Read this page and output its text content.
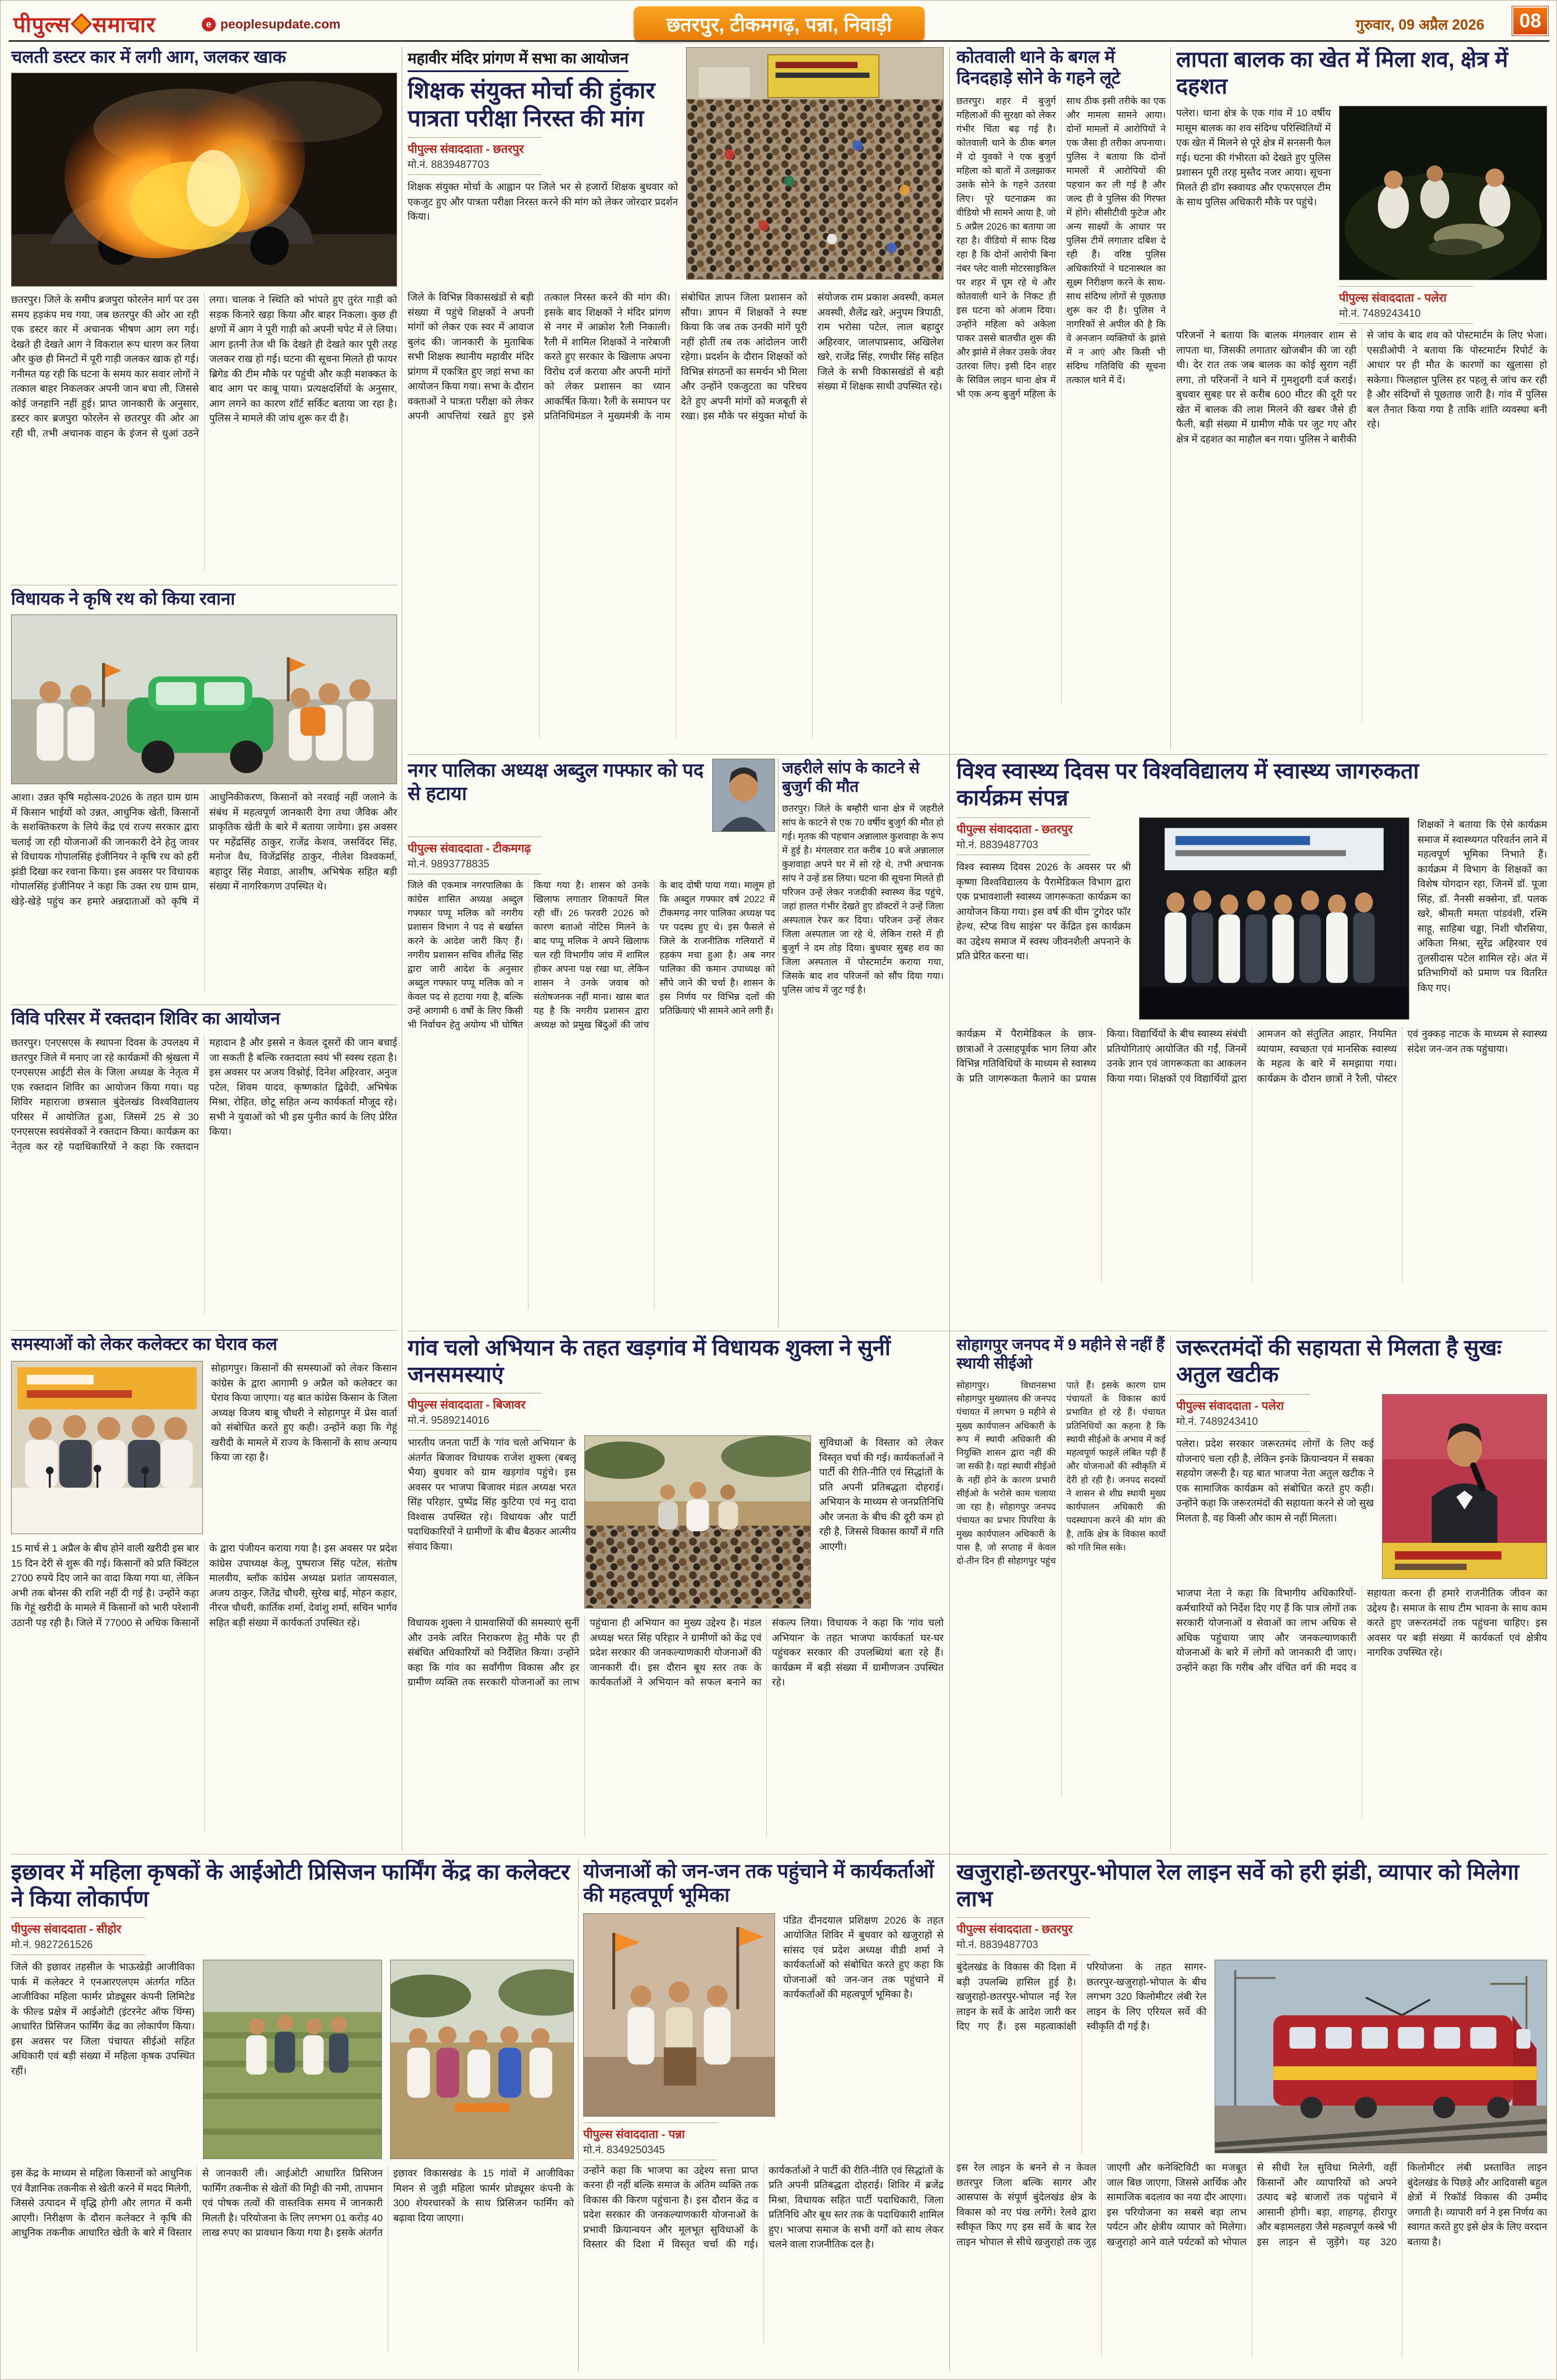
पीपुल्स समाचार	e peoplesupdate.com	छतरपुर, टीकमगढ़, पन्ना, निवाड़ी	गुरुवार, 09 अप्रैल 2026	08
चलती डस्टर कार में लगी आग, जलकर खाक
छतरपुर। जिले के समीप ब्रजपुरा फोरलेन मार्ग पर उस समय हड़कंप मच गया, जब छतरपुर की ओर आ रही एक डस्टर कार में अचानक भीषण आग लग गई। देखते ही देखते आग ने विकराल रूप धारण कर लिया और कुछ ही मिनटों में पूरी गाड़ी जलकर खाक हो गई। गनीमत यह रही कि घटना के समय कार सवार लोगों ने तत्काल बाहर निकलकर अपनी जान बचा ली, जिससे कोई जनहानि नहीं हुई। प्राप्त जानकारी के अनुसार, डस्टर कार ब्रजपुरा फोरलेन से छतरपुर की ओर आ रही थी, तभी अचानक वाहन के इंजन से धुआं उठने लगा। चालक ने स्थिति को भांपते हुए तुरंत गाड़ी को सड़क किनारे खड़ा किया और बाहर निकला। कुछ ही क्षणों में आग ने पूरी गाड़ी को अपनी चपेट में ले लिया। आग इतनी तेज थी कि देखते ही देखते कार पूरी तरह जलकर राख हो गई। घटना की सूचना मिलते ही फायर ब्रिगेड की टीम मौके पर पहुंची और कड़ी मशक्कत के बाद आग पर काबू पाया। प्रत्यक्षदर्शियों के अनुसार, आग लगने का कारण शॉर्ट सर्किट बताया जा रहा है। पुलिस ने मामले की जांच शुरू कर दी है।
विधायक ने कृषि रथ को किया रवाना
आशा। उन्नत कृषि महोत्सव-2026 के तहत ग्राम ग्राम में किसान भाईयों को उन्नत, आधुनिक खेती, किसानों के सशक्तिकरण के लिये केंद्र एवं राज्य सरकार द्वारा चलाई जा रही योजनाओं की जानकारी देने हेतु जावर से विधायक गोपालसिंह इंजीनियर ने कृषि रथ को हरी झंडी दिखा कर रवाना किया। इस अवसर पर विधायक गोपालसिंह इंजीनियर ने कहा कि उक्त रथ ग्राम ग्राम, खेड़े-खेड़े पहुंच कर हमारे अन्नदाताओं को कृषि में आधुनिकीकरण, किसानों को नरवाई नहीं जलाने के संबंध में महत्वपूर्ण जानकारी देगा तथा जैविक और प्राकृतिक खेती के बारे में बताया जायेगा। इस अवसर पर महेंद्रसिंह ठाकुर, राजेंद्र केशव, जसविंदर सिंह, मनोज वैध, विजेंद्रसिंह ठाकुर, नीलेश विश्वकर्मा, बहादुर सिंह मेवाडा, आशीष, अभिषेक सहित बड़ी संख्या में नागरिकगण उपस्थित थे।
विवि परिसर में रक्तदान शिविर का आयोजन
छतरपुर। एनएसएस के स्थापना दिवस के उपलक्ष्य में छतरपुर जिले में मनाए जा रहे कार्यक्रमों की श्रृंखला में एनएसएस आईटी सेल के जिला अध्यक्ष के नेतृत्व में एक रक्तदान शिविर का आयोजन किया गया। यह शिविर महाराजा छत्रसाल बुंदेलखंड विश्वविद्यालय परिसर में आयोजित हुआ, जिसमें 25 से 30 एनएसएस स्वयंसेवकों ने रक्तदान किया। कार्यक्रम का नेतृत्व कर रहे पदाधिकारियों ने कहा कि रक्तदान महादान है और इससे न केवल दूसरों की जान बचाई जा सकती है बल्कि रक्तदाता स्वयं भी स्वस्थ रहता है। इस अवसर पर अजय विश्नोई, दिनेश अहिरवार, अनुज पटेल, शिवम यादव, कृष्णकांत द्विवेदी, अभिषेक मिश्रा, रोहित, छोटू सहित अन्य कार्यकर्ता मौजूद रहे। सभी ने युवाओं को भी इस पुनीत कार्य के लिए प्रेरित किया।
समस्याओं को लेकर कलेक्टर का घेराव कल
सोहागपुर। किसानों की समस्याओं को लेकर किसान कांग्रेस के द्वारा आगामी 9 अप्रैल को कलेक्टर का घेराव किया जाएगा। यह बात कांग्रेस किसान के जिला अध्यक्ष विजय बाबू चौधरी ने सोहागपुर में प्रेस वार्ता को संबोधित करते हुए कही। उन्होंने कहा कि गेहूं खरीदी के मामले में राज्य के किसानों के साथ अन्याय किया जा रहा है।
15 मार्च से 1 अप्रैल के बीच होने वाली खरीदी इस बार 15 दिन देरी से शुरू की गई। किसानों को प्रति क्विंटल 2700 रुपये दिए जाने का वादा किया गया था, लेकिन अभी तक बोनस की राशि नहीं दी गई है। उन्होंने कहा कि गेहूं खरीदी के मामले में किसानों को भारी परेशानी उठानी पड़ रही है। जिले में 77000 से अधिक किसानों के द्वारा पंजीयन कराया गया है। इस अवसर पर प्रदेश कांग्रेस उपाध्यक्ष केलू, पुष्पराज सिंह पटेल, संतोष मालवीय, ब्लॉक कांग्रेस अध्यक्ष प्रशांत जायसवाल, अजय ठाकुर, जितेंद्र चौधरी, सुरेख बाई, मोहन कहार, नीरज चौधरी, कार्तिक शर्मा, देवांशु शर्मा, सचिन भार्गव सहित बड़ी संख्या में कार्यकर्ता उपस्थित रहे।
महावीर मंदिर प्रांगण में सभा का आयोजन
शिक्षक संयुक्त मोर्चा की हुंकार पात्रता परीक्षा निरस्त की मांग
पीपुल्स संवाददाता - छतरपुर
मो.नं. 8839487703
शिक्षक संयुक्त मोर्चा के आह्वान पर जिले भर से हजारों शिक्षक बुधवार को एकजुट हुए और पात्रता परीक्षा निरस्त करने की मांग को लेकर जोरदार प्रदर्शन किया।
जिले के विभिन्न विकासखंडों से बड़ी संख्या में पहुंचे शिक्षकों ने अपनी मांगों को लेकर एक स्वर में आवाज बुलंद की। जानकारी के मुताबिक सभी शिक्षक स्थानीय महावीर मंदिर प्रांगण में एकत्रित हुए जहां सभा का आयोजन किया गया। सभा के दौरान वक्ताओं ने पात्रता परीक्षा को लेकर अपनी आपत्तियां रखते हुए इसे तत्काल निरस्त करने की मांग की। इसके बाद शिक्षकों ने मंदिर प्रांगण से नगर में आक्रोश रैली निकाली। रैली में शामिल शिक्षकों ने नारेबाजी करते हुए सरकार के खिलाफ अपना विरोध दर्ज कराया और अपनी मांगों को लेकर प्रशासन का ध्यान आकर्षित किया। रैली के समापन पर प्रतिनिधिमंडल ने मुख्यमंत्री के नाम संबोधित ज्ञापन जिला प्रशासन को सौंपा। ज्ञापन में शिक्षकों ने स्पष्ट किया कि जब तक उनकी मांगें पूरी नहीं होतीं तब तक आंदोलन जारी रहेगा। प्रदर्शन के दौरान शिक्षकों को विभिन्न संगठनों का समर्थन भी मिला और उन्होंने एकजुटता का परिचय देते हुए अपनी मांगों को मजबूती से रखा। इस मौके पर संयुक्त मोर्चा के संयोजक राम प्रकाश अवस्थी, कमल अवस्थी, शैलेंद्र खरे, अनुपम त्रिपाठी, राम भरोसा पटेल, लाल बहादुर अहिरवार, जालपाप्रसाद, अखिलेश खरे, राजेंद्र सिंह, रणधीर सिंह सहित जिले के सभी विकासखंडों से बड़ी संख्या में शिक्षक साथी उपस्थित रहे।
कोतवाली थाने के बगल में दिनदहाड़े सोने के गहने लूटे
छतरपुर। शहर में बुजुर्ग महिलाओं की सुरक्षा को लेकर गंभीर चिंता बढ़ गई है। कोतवाली थाने के ठीक बगल में दो युवकों ने एक बुजुर्ग महिला को बातों में उलझाकर उसके सोने के गहने उतरवा लिए। पूरे घटनाक्रम का वीडियो भी सामने आया है, जो 5 अप्रैल 2026 का बताया जा रहा है। वीडियो में साफ दिख रहा है कि दोनों आरोपी बिना नंबर प्लेट वाली मोटरसाइकिल पर शहर में घूम रहे थे और कोतवाली थाने के निकट ही इस घटना को अंजाम दिया। उन्होंने महिला को अकेला पाकर उससे बातचीत शुरू की और झांसे में लेकर उसके जेवर उतरवा लिए। इसी दिन शहर के सिविल लाइन थाना क्षेत्र में भी एक अन्य बुजुर्ग महिला के साथ ठीक इसी तरीके का एक और मामला सामने आया। दोनों मामलों में आरोपियों ने एक जैसा ही तरीका अपनाया। पुलिस ने बताया कि दोनों मामलों में आरोपियों की पहचान कर ली गई है और जल्द ही वे पुलिस की गिरफ्त में होंगे। सीसीटीवी फुटेज और अन्य साक्ष्यों के आधार पर पुलिस टीमें लगातार दबिश दे रही हैं। वरिष्ठ पुलिस अधिकारियों ने घटनास्थल का सूक्ष्म निरीक्षण करने के साथ-साथ संदिग्ध लोगों से पूछताछ शुरू कर दी है। पुलिस ने नागरिकों से अपील की है कि वे अनजान व्यक्तियों के झांसे में न आएं और किसी भी संदिग्ध गतिविधि की सूचना तत्काल थाने में दें।
लापता बालक का खेत में मिला शव, क्षेत्र में दहशत
पलेरा। थाना क्षेत्र के एक गांव में 10 वर्षीय मासूम बालक का शव संदिग्ध परिस्थितियों में एक खेत में मिलने से पूरे क्षेत्र में सनसनी फैल गई। घटना की गंभीरता को देखते हुए पुलिस प्रशासन पूरी तरह मुस्तैद नजर आया। सूचना मिलते ही डॉग स्क्वायड और एफएसएल टीम के साथ पुलिस अधिकारी मौके पर पहुंचे।
पीपुल्स संवाददाता - पलेरा
मो.नं. 7489243410
परिजनों ने बताया कि बालक मंगलवार शाम से लापता था, जिसकी लगातार खोजबीन की जा रही थी। देर रात तक जब बालक का कोई सुराग नहीं लगा, तो परिजनों ने थाने में गुमशुदगी दर्ज कराई। बुधवार सुबह घर से करीब 600 मीटर की दूरी पर खेत में बालक की लाश मिलने की खबर जैसे ही फैली, बड़ी संख्या में ग्रामीण मौके पर जुट गए और क्षेत्र में दहशत का माहौल बन गया। पुलिस ने बारीकी से जांच के बाद शव को पोस्टमार्टम के लिए भेजा। एसडीओपी ने बताया कि पोस्टमार्टम रिपोर्ट के आधार पर ही मौत के कारणों का खुलासा हो सकेगा। फिलहाल पुलिस हर पहलू से जांच कर रही है और संदिग्धों से पूछताछ जारी है। गांव में पुलिस बल तैनात किया गया है ताकि शांति व्यवस्था बनी रहे।
नगर पालिका अध्यक्ष अब्दुल गफ्फार को पद से हटाया
पीपुल्स संवाददाता - टीकमगढ़
मो.नं. 9893778835
जिले की एकमात्र नगरपालिका के कांग्रेस शासित अध्यक्ष अब्दुल गफ्फार पप्पू मलिक को नगरीय प्रशासन विभाग ने पद से बर्खास्त करने के आदेश जारी किए हैं। नगरीय प्रशासन सचिव शीलेंद्र सिंह द्वारा जारी आदेश के अनुसार अब्दुल गफ्फार पप्पू मलिक को न केवल पद से हटाया गया है, बल्कि उन्हें आगामी 6 वर्षों के लिए किसी भी निर्वाचन हेतु अयोग्य भी घोषित किया गया है। शासन को उनके खिलाफ लगातार शिकायतें मिल रही थीं। 26 फरवरी 2026 को कारण बताओ नोटिस मिलने के बाद पप्पू मलिक ने अपने खिलाफ चल रही विभागीय जांच में शामिल होकर अपना पक्ष रखा था, लेकिन शासन ने उनके जवाब को संतोषजनक नहीं माना। खास बात यह है कि नगरीय प्रशासन द्वारा अध्यक्ष को प्रमुख बिंदुओं की जांच के बाद दोषी पाया गया। मालूम हो कि अब्दुल गफ्फार वर्ष 2022 में टीकमगढ़ नगर पालिका अध्यक्ष पद पर पदस्थ हुए थे। इस फैसले से जिले के राजनीतिक गलियारों में हड़कंप मचा हुआ है। अब नगर पालिका की कमान उपाध्यक्ष को सौंपे जाने की चर्चा है। शासन के इस निर्णय पर विभिन्न दलों की प्रतिक्रियाएं भी सामने आने लगी हैं।
जहरीले सांप के काटने से बुजुर्ग की मौत
छतरपुर। जिले के बम्हौरी थाना क्षेत्र में जहरीले सांप के काटने से एक 70 वर्षीय बुजुर्ग की मौत हो गई। मृतक की पहचान अन्नालाल कुशवाहा के रूप में हुई है। मंगलवार रात करीब 10 बजे अन्नालाल कुशवाहा अपने घर में सो रहे थे, तभी अचानक सांप ने उन्हें डस लिया। घटना की सूचना मिलते ही परिजन उन्हें लेकर नजदीकी स्वास्थ्य केंद्र पहुंचे, जहां हालत गंभीर देखते हुए डॉक्टरों ने उन्हें जिला अस्पताल रेफर कर दिया। परिजन उन्हें लेकर जिला अस्पताल जा रहे थे, लेकिन रास्ते में ही बुजुर्ग ने दम तोड़ दिया। बुधवार सुबह शव का जिला अस्पताल में पोस्टमार्टम कराया गया, जिसके बाद शव परिजनों को सौंप दिया गया। पुलिस जांच में जुट गई है।
विश्व स्वास्थ्य दिवस पर विश्वविद्यालय में स्वास्थ्य जागरुकता कार्यक्रम संपन्न
पीपुल्स संवाददाता - छतरपुर
मो.नं. 8839487703
विश्व स्वास्थ्य दिवस 2026 के अवसर पर श्री कृष्णा विश्वविद्यालय के पैरामेडिकल विभाग द्वारा एक प्रभावशाली स्वास्थ्य जागरूकता कार्यक्रम का आयोजन किया गया। इस वर्ष की थीम 'टुगेदर फॉर हेल्थ, स्टेप्ड विथ साइंस' पर केंद्रित इस कार्यक्रम का उद्देश्य समाज में स्वस्थ जीवनशैली अपनाने के प्रति प्रेरित करना था।
शिक्षकों ने बताया कि ऐसे कार्यक्रम समाज में स्वास्थ्यगत परिवर्तन लाने में महत्वपूर्ण भूमिका निभाते हैं। कार्यक्रम में विभाग के शिक्षकों का विशेष योगदान रहा, जिनमें डॉ. पूजा सिंह, डॉ. नैनसी सक्सेना, डॉ. पलक खरे, श्रीमती ममता पांडवंशी, रश्मि साहू, साहिबा चड्ढा, निशी चौरसिया, अंकिता मिश्रा, सुरेंद्र अहिरवार एवं तुलसीदास पटेल शामिल रहे। अंत में प्रतिभागियों को प्रमाण पत्र वितरित किए गए।
कार्यक्रम में पैरामेडिकल के छात्र-छात्राओं ने उत्साहपूर्वक भाग लिया और विभिन्न गतिविधियों के माध्यम से स्वास्थ्य के प्रति जागरूकता फैलाने का प्रयास किया। विद्यार्थियों के बीच स्वास्थ्य संबंधी प्रतियोगिताएं आयोजित की गईं, जिनमें उनके ज्ञान एवं जागरूकता का आकलन किया गया। शिक्षकों एवं विद्यार्थियों द्वारा आमजन को संतुलित आहार, नियमित व्यायाम, स्वच्छता एवं मानसिक स्वास्थ्य के महत्व के बारे में समझाया गया। कार्यक्रम के दौरान छात्रों ने रैली, पोस्टर एवं नुक्कड़ नाटक के माध्यम से स्वास्थ्य संदेश जन-जन तक पहुंचाया।
गांव चलो अभियान के तहत खड़गांव में विधायक शुक्ला ने सुनीं जनसमस्याएं
पीपुल्स संवाददाता - बिजावर
मो.नं. 9589214016
भारतीय जनता पार्टी के 'गांव चलो अभियान' के अंतर्गत बिजावर विधायक राजेश शुक्ला (बबलू भैया) बुधवार को ग्राम खड़गांव पहुंचे। इस अवसर पर भाजपा बिजावर मंडल अध्यक्ष भरत सिंह परिहार, पुष्पेंद्र सिंह कुटिया एवं मनु दादा विश्वास उपस्थित रहे। विधायक और पार्टी पदाधिकारियों ने ग्रामीणों के बीच बैठकर आत्मीय संवाद किया।
सुविधाओं के विस्तार को लेकर विस्तृत चर्चा की गई। कार्यकर्ताओं ने पार्टी की रीति-नीति एवं सिद्धांतों के प्रति अपनी प्रतिबद्धता दोहराई। अभियान के माध्यम से जनप्रतिनिधि और जनता के बीच की दूरी कम हो रही है, जिससे विकास कार्यों में गति आएगी।
विधायक शुक्ला ने ग्रामवासियों की समस्याएं सुनीं और उनके त्वरित निराकरण हेतु मौके पर ही संबंधित अधिकारियों को निर्देशित किया। उन्होंने कहा कि गांव का सर्वांगीण विकास और हर ग्रामीण व्यक्ति तक सरकारी योजनाओं का लाभ पहुंचाना ही अभियान का मुख्य उद्देश्य है। मंडल अध्यक्ष भरत सिंह परिहार ने ग्रामीणों को केंद्र एवं प्रदेश सरकार की जनकल्याणकारी योजनाओं की जानकारी दी। इस दौरान बूथ स्तर तक के कार्यकर्ताओं ने अभियान को सफल बनाने का संकल्प लिया। विधायक ने कहा कि 'गांव चलो अभियान' के तहत भाजपा कार्यकर्ता घर-घर पहुंचकर सरकार की उपलब्धियां बता रहे हैं। कार्यक्रम में बड़ी संख्या में ग्रामीणजन उपस्थित रहे।
सोहागपुर जनपद में 9 महीने से नहीं हैं स्थायी सीईओ
सोहागपुर। विधानसभा सोहागपुर मुख्यालय की जनपद पंचायत में लगभग 9 महीने से मुख्य कार्यपालन अधिकारी के रूप में स्थायी अधिकारी की नियुक्ति शासन द्वारा नहीं की जा सकी है। यहां स्थायी सीईओ के नहीं होने के कारण प्रभारी सीईओ के भरोसे काम चलाया जा रहा है। सोहागपुर जनपद पंचायत का प्रभार पिपरिया के मुख्य कार्यपालन अधिकारी के पास है, जो सप्ताह में केवल दो-तीन दिन ही सोहागपुर पहुंच पाते हैं। इसके कारण ग्राम पंचायतों के विकास कार्य प्रभावित हो रहे हैं। पंचायत प्रतिनिधियों का कहना है कि स्थायी सीईओ के अभाव में कई महत्वपूर्ण फाइलें लंबित पड़ी हैं और योजनाओं की स्वीकृति में देरी हो रही है। जनपद सदस्यों ने शासन से शीघ्र स्थायी मुख्य कार्यपालन अधिकारी की पदस्थापना करने की मांग की है, ताकि क्षेत्र के विकास कार्यों को गति मिल सके।
जरूरतमंदों की सहायता से मिलता है सुखः अतुल खटीक
पीपुल्स संवाददाता - पलेरा
मो.नं. 7489243410
पलेरा। प्रदेश सरकार जरूरतमंद लोगों के लिए कई योजनाएं चला रही है, लेकिन इनके क्रियान्वयन में सबका सहयोग जरूरी है। यह बात भाजपा नेता अतुल खटीक ने एक सामाजिक कार्यक्रम को संबोधित करते हुए कही। उन्होंने कहा कि जरूरतमंदों की सहायता करने से जो सुख मिलता है, वह किसी और काम से नहीं मिलता।
भाजपा नेता ने कहा कि विभागीय अधिकारियों-कर्मचारियों को निर्देश दिए गए हैं कि पात्र लोगों तक सरकारी योजनाओं व सेवाओं का लाभ अधिक से अधिक पहुंचाया जाए और जनकल्याणकारी योजनाओं के बारे में लोगों को जानकारी दी जाए। उन्होंने कहा कि गरीब और वंचित वर्ग की मदद व सहायता करना ही हमारे राजनीतिक जीवन का उद्देश्य है। समाज के साथ टीम भावना के साथ काम करते हुए जरूरतमंदों तक पहुंचना चाहिए। इस अवसर पर बड़ी संख्या में कार्यकर्ता एवं क्षेत्रीय नागरिक उपस्थित रहे।
इछावर में महिला कृषकों के आईओटी प्रिसिजन फार्मिंग केंद्र का कलेक्टर ने किया लोकार्पण
पीपुल्स संवाददाता - सीहोर
मो.नं. 9827261526
जिले की इछावर तहसील के भाऊखेड़ी आजीविका पार्क में कलेक्टर ने एनआरएलएम अंतर्गत गठित आजीविका महिला फार्मर प्रोड्यूसर कंपनी लिमिटेड के फील्ड प्रक्षेत्र में आईओटी (इंटरनेट ऑफ थिंग्स) आधारित प्रिसिजन फार्मिंग केंद्र का लोकार्पण किया। इस अवसर पर जिला पंचायत सीईओ सहित अधिकारी एवं बड़ी संख्या में महिला कृषक उपस्थित रहीं।
इस केंद्र के माध्यम से महिला किसानों को आधुनिक एवं वैज्ञानिक तकनीक से खेती करने में मदद मिलेगी, जिससे उत्पादन में वृद्धि होगी और लागत में कमी आएगी। निरीक्षण के दौरान कलेक्टर ने कृषि की आधुनिक तकनीक आधारित खेती के बारे में विस्तार से जानकारी ली। आईओटी आधारित प्रिसिजन फार्मिंग तकनीक से खेतों की मिट्टी की नमी, तापमान एवं पोषक तत्वों की वास्तविक समय में जानकारी मिलती है। परियोजना के लिए लगभग 01 करोड़ 40 लाख रुपए का प्रावधान किया गया है। इसके अंतर्गत इछावर विकासखंड के 15 गांवों में आजीविका मिशन से जुड़ी महिला फार्मर प्रोड्यूसर कंपनी के 300 शेयरधारकों के साथ प्रिसिजन फार्मिंग को बढ़ावा दिया जाएगा।
योजनाओं को जन-जन तक पहुंचाने में कार्यकर्ताओं की महत्वपूर्ण भूमिका
पीपुल्स संवाददाता - पन्ना
मो.नं. 8349250345
पंडित दीनदयाल प्रशिक्षण 2026 के तहत आयोजित शिविर में बुधवार को खजुराहो से सांसद एवं प्रदेश अध्यक्ष वीडी शर्मा ने कार्यकर्ताओं को संबोधित करते हुए कहा कि योजनाओं को जन-जन तक पहुंचाने में कार्यकर्ताओं की महत्वपूर्ण भूमिका है।
उन्होंने कहा कि भाजपा का उद्देश्य सत्ता प्राप्त करना ही नहीं बल्कि समाज के अंतिम व्यक्ति तक विकास की किरण पहुंचाना है। इस दौरान केंद्र व प्रदेश सरकार की जनकल्याणकारी योजनाओं के प्रभावी क्रियान्वयन और मूलभूत सुविधाओं के विस्तार की दिशा में विस्तृत चर्चा की गई। कार्यकर्ताओं ने पार्टी की रीति-नीति एवं सिद्धांतों के प्रति अपनी प्रतिबद्धता दोहराई। शिविर में ब्रजेंद्र मिश्रा, विधायक सहित पार्टी पदाधिकारी, जिला प्रतिनिधि और बूथ स्तर तक के पदाधिकारी शामिल हुए। भाजपा समाज के सभी वर्गों को साथ लेकर चलने वाला राजनीतिक दल है।
खजुराहो-छतरपुर-भोपाल रेल लाइन सर्वे को हरी झंडी, व्यापार को मिलेगा लाभ
पीपुल्स संवाददाता - छतरपुर
मो.नं. 8839487703
बुंदेलखंड के विकास की दिशा में बड़ी उपलब्धि हासिल हुई है। खजुराहो-छतरपुर-भोपाल नई रेल लाइन के सर्वे के आदेश जारी कर दिए गए हैं। इस महत्वाकांक्षी परियोजना के तहत सागर-छतरपुर-खजुराहो-भोपाल के बीच लगभग 320 किलोमीटर लंबी रेल लाइन के लिए एरियल सर्वे की स्वीकृति दी गई है।
इस रेल लाइन के बनने से न केवल छतरपुर जिला बल्कि सागर और आसपास के संपूर्ण बुंदेलखंड क्षेत्र के विकास को नए पंख लगेंगे। रेलवे द्वारा स्वीकृत किए गए इस सर्वे के बाद रेल लाइन भोपाल से सीधे खजुराहो तक जुड़ जाएगी और कनेक्टिविटी का मजबूत जाल बिछ जाएगा, जिससे आर्थिक और सामाजिक बदलाव का नया दौर आएगा। इस परियोजना का सबसे बड़ा लाभ पर्यटन और क्षेत्रीय व्यापार को मिलेगा। खजुराहो आने वाले पर्यटकों को भोपाल से सीधी रेल सुविधा मिलेगी, वहीं किसानों और व्यापारियों को अपने उत्पाद बड़े बाजारों तक पहुंचाने में आसानी होगी। बड़ा, शाहगढ़, हीरापुर और बड़ामलहरा जैसे महत्वपूर्ण कस्बे भी इस लाइन से जुड़ेंगे। यह 320 किलोमीटर लंबी प्रस्तावित लाइन बुंदेलखंड के पिछड़े और आदिवासी बहुल क्षेत्रों में रिकॉर्ड विकास की उम्मीद जगाती है। व्यापारी वर्ग ने इस निर्णय का स्वागत करते हुए इसे क्षेत्र के लिए वरदान बताया है।
